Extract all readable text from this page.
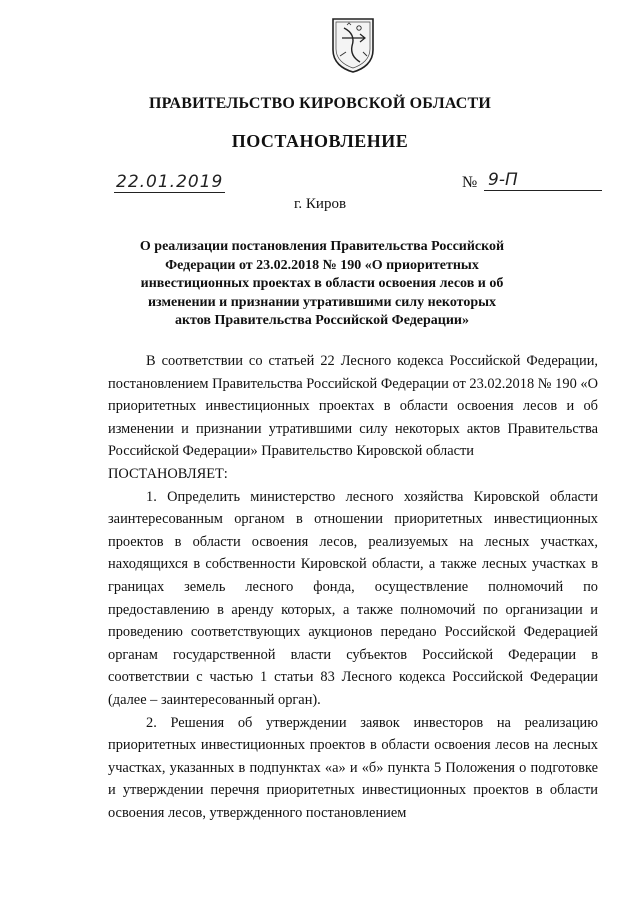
ПРАВИТЕЛЬСТВО КИРОВСКОЙ ОБЛАСТИ
ПОСТАНОВЛЕНИЕ
22.01.2019	№ 9-П
г. Киров
О реализации постановления Правительства Российской Федерации от 23.02.2018 № 190 «О приоритетных инвестиционных проектах в области освоения лесов и об изменении и признании утратившими силу некоторых актов Правительства Российской Федерации»

В соответствии со статьей 22 Лесного кодекса Российской Федерации, постановлением Правительства Российской Федерации от 23.02.2018 № 190 «О приоритетных инвестиционных проектах в области освоения лесов и об изменении и признании утратившими силу некоторых актов Правительства Российской Федерации» Правительство Кировской области

ПОСТАНОВЛЯЕТ:

1. Определить министерство лесного хозяйства Кировской области заинтересованным органом в отношении приоритетных инвестиционных проектов в области освоения лесов, реализуемых на лесных участках, находящихся в собственности Кировской области, а также лесных участках в границах земель лесного фонда, осуществление полномочий по предоставлению в аренду которых, а также полномочий по организации и проведению соответствующих аукционов передано Российской Федерацией органам государственной власти субъектов Российской Федерации в соответствии с частью 1 статьи 83 Лесного кодекса Российской Федерации (далее – заинтересованный орган).

2. Решения об утверждении заявок инвесторов на реализацию приоритетных инвестиционных проектов в области освоения лесов на лесных участках, указанных в подпунктах «а» и «б» пункта 5 Положения о подготовке и утверждении перечня приоритетных инвестиционных проектов в области освоения лесов, утвержденного постановлением
